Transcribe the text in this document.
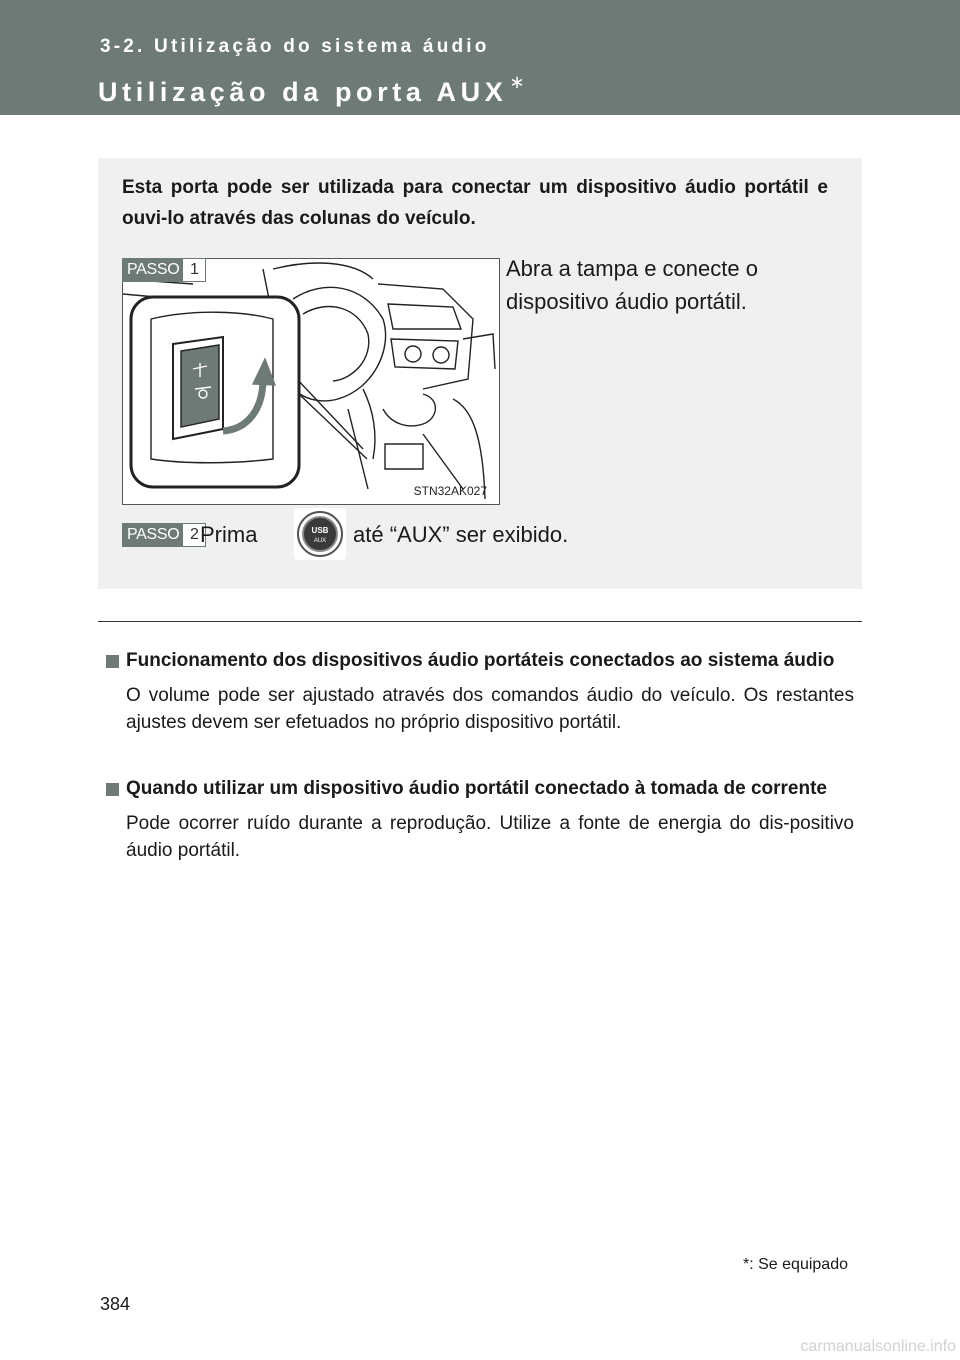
3-2. Utilização do sistema áudio
Utilização da porta AUX ∗
Esta porta pode ser utilizada para conectar um dispositivo áudio portátil e ouvi-lo através das colunas do veículo.
STN32AK027
PASSO 1	Abra a tampa e conecte o dispositivo áudio portátil.
PASSO 2 Prima	USB
AUX até “AUX” ser exibido.
Funcionamento dos dispositivos áudio portáteis conectados ao sistema áudio
O volume pode ser ajustado através dos comandos áudio do veículo. Os restantes ajustes devem ser efetuados no próprio dispositivo portátil.
Quando utilizar um dispositivo áudio portátil conectado à tomada de corrente
Pode ocorrer ruído durante a reprodução. Utilize a fonte de energia do dis-positivo áudio portátil.
*: Se equipado
384
carmanualsonline.info
